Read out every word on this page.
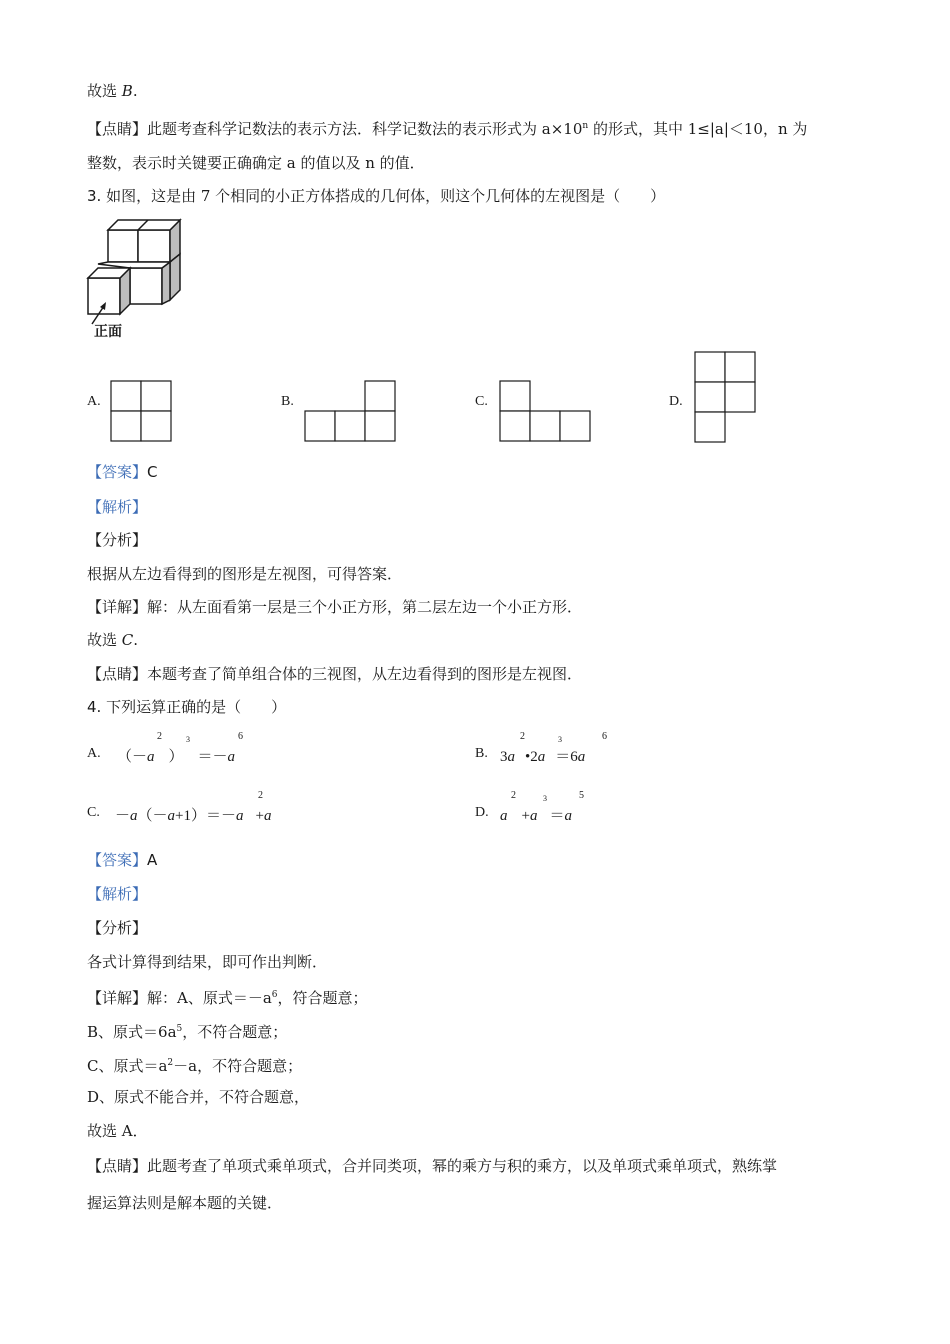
故选 B.
【点睛】此题考查科学记数法的表示方法．科学记数法的表示形式为 $a\times 10^n$ 的形式，其中 1≤|a|＜10，n 为
整数，表示时关键要正确确定 a 的值以及 n 的值．
3. 如图，这是由 7 个相同的小正方体搭成的几何体，则这个几何体的左视图是（　　）
正面
A.	B.	C.	D.
【答案】C
【解析】
【分析】
根据从左边看得到的图形是左视图，可得答案．
【详解】解：从左面看第一层是三个小正方形，第二层左边一个小正方形．
故选 C.
【点睛】本题考查了简单组合体的三视图，从左边看得到的图形是左视图．
4. 下列运算正确的是（　　）
A. （－a ） ＝－a
2	3	6
B. 3a •2a ＝6a
2	3	6
C. －a（－a+1）＝－a +a
2
D. a +a ＝a
2	3	5
【答案】A
【解析】
【分析】
各式计算得到结果，即可作出判断．
【详解】解：A、原式$=-a^6$，符合题意；
B、原式$=6a^5$，不符合题意；
C、原式$=a^2-a$，不符合题意；
D、原式不能合并，不符合题意，
故选 A．
【点睛】此题考查了单项式乘单项式，合并同类项，幂的乘方与积的乘方，以及单项式乘单项式，熟练掌
握运算法则是解本题的关键．
